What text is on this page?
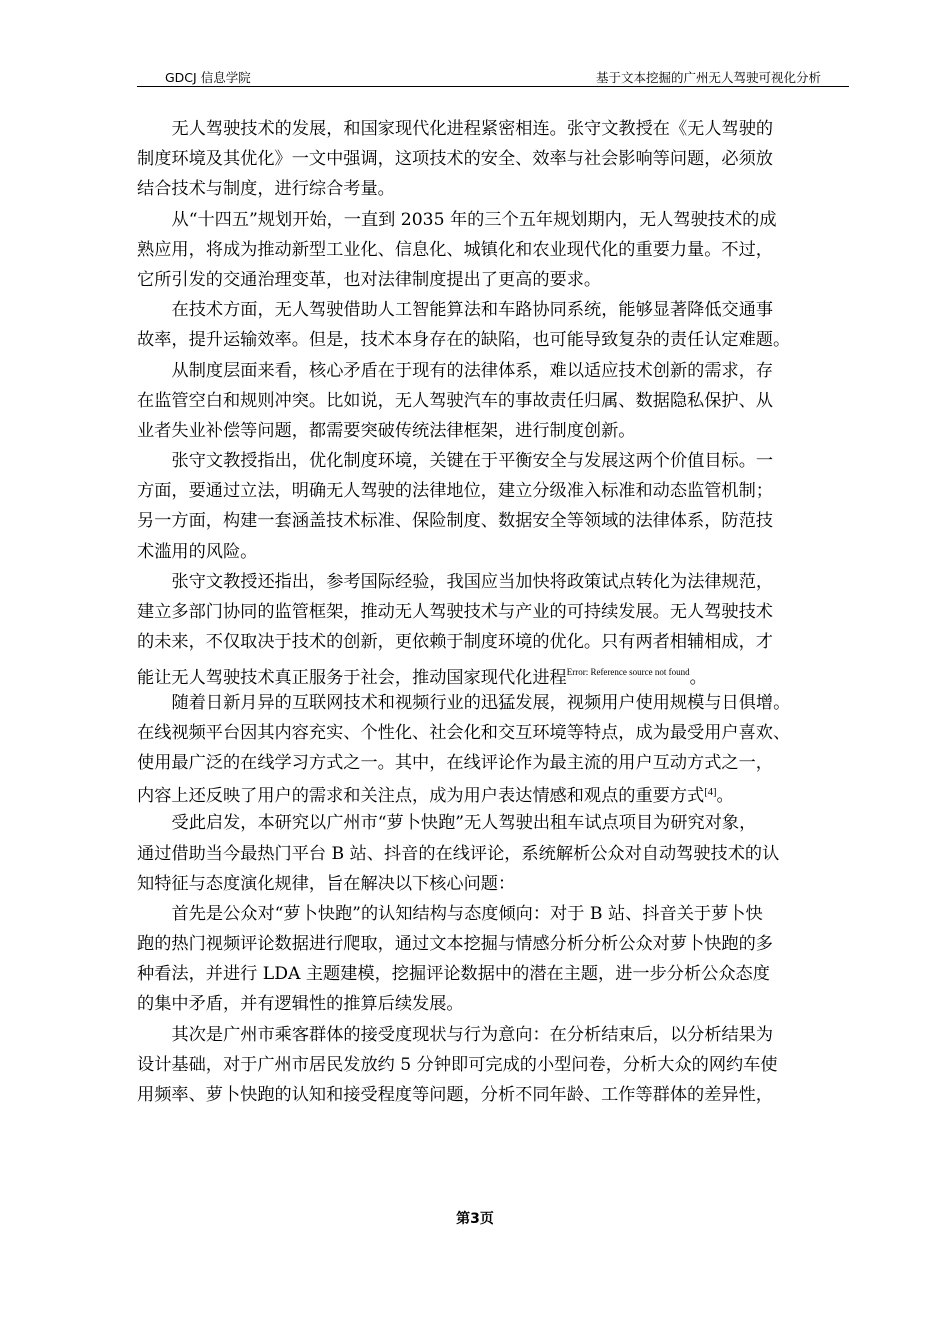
GDCJ 信息学院	基于文本挖掘的广州无人驾驶可视化分析
无人驾驶技术的发展，和国家现代化进程紧密相连。张守文教授在《无人驾驶的
制度环境及其优化》一文中强调，这项技术的安全、效率与社会影响等问题，必须放
结合技术与制度，进行综合考量。
从“十四五”规划开始，一直到 2035 年的三个五年规划期内，无人驾驶技术的成
熟应用，将成为推动新型工业化、信息化、城镇化和农业现代化的重要力量。不过，
它所引发的交通治理变革，也对法律制度提出了更高的要求。
在技术方面，无人驾驶借助人工智能算法和车路协同系统，能够显著降低交通事
故率，提升运输效率。但是，技术本身存在的缺陷，也可能导致复杂的责任认定难题。
从制度层面来看，核心矛盾在于现有的法律体系，难以适应技术创新的需求，存
在监管空白和规则冲突。比如说，无人驾驶汽车的事故责任归属、数据隐私保护、从
业者失业补偿等问题，都需要突破传统法律框架，进行制度创新。
张守文教授指出，优化制度环境，关键在于平衡安全与发展这两个价值目标。一
方面，要通过立法，明确无人驾驶的法律地位，建立分级准入标准和动态监管机制；
另一方面，构建一套涵盖技术标准、保险制度、数据安全等领域的法律体系，防范技
术滥用的风险。
张守文教授还指出，参考国际经验，我国应当加快将政策试点转化为法律规范，
建立多部门协同的监管框架，推动无人驾驶技术与产业的可持续发展。无人驾驶技术
的未来，不仅取决于技术的创新，更依赖于制度环境的优化。只有两者相辅相成，才
能让无人驾驶技术真正服务于社会，推动国家现代化进程$^{Error: Reference source not found}$。
随着日新月异的互联网技术和视频行业的迅猛发展，视频用户使用规模与日俱增。
在线视频平台因其内容充实、个性化、社会化和交互环境等特点，成为最受用户喜欢、
使用最广泛的在线学习方式之一。其中，在线评论作为最主流的用户互动方式之一，
内容上还反映了用户的需求和关注点，成为用户表达情感和观点的重要方式[4]。
受此启发，本研究以广州市“萝卜快跑”无人驾驶出租车试点项目为研究对象，
通过借助当今最热门平台 B 站、抖音的在线评论，系统解析公众对自动驾驶技术的认
知特征与态度演化规律，旨在解决以下核心问题：
首先是公众对“萝卜快跑”的认知结构与态度倾向：对于 B 站、抖音关于萝卜快
跑的热门视频评论数据进行爬取，通过文本挖掘与情感分析分析公众对萝卜快跑的多
种看法，并进行 LDA 主题建模，挖掘评论数据中的潜在主题，进一步分析公众态度
的集中矛盾，并有逻辑性的推算后续发展。
其次是广州市乘客群体的接受度现状与行为意向：在分析结束后，以分析结果为
设计基础，对于广州市居民发放约 5 分钟即可完成的小型问卷，分析大众的网约车使
用频率、萝卜快跑的认知和接受程度等问题，分析不同年龄、工作等群体的差异性，
第3页
